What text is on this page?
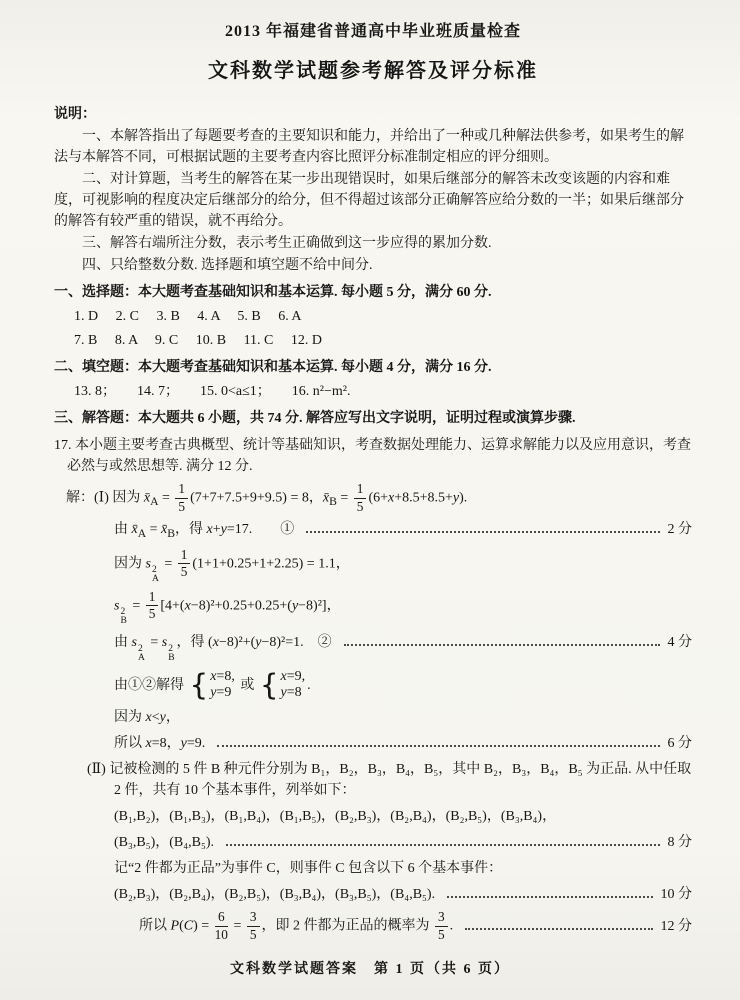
2013 年福建省普通高中毕业班质量检查
文科数学试题参考解答及评分标准
说明：
一、本解答指出了每题要考查的主要知识和能力，并给出了一种或几种解法供参考，如果考生的解法与本解答不同，可根据试题的主要考查内容比照评分标准制定相应的评分细则。
二、对计算题，当考生的解答在某一步出现错误时，如果后继部分的解答未改变该题的内容和难度，可视影响的程度决定后继部分的给分，但不得超过该部分正确解答应给分数的一半；如果后继部分的解答有较严重的错误，就不再给分。
三、解答右端所注分数，表示考生正确做到这一步应得的累加分数.
四、只给整数分数. 选择题和填空题不给中间分.
一、选择题：本大题考查基础知识和基本运算. 每小题 5 分，满分 60 分.
1. D     2. C     3. B     4. A     5. B     6. A
7. B     8. A     9. C     10. B     11. C     12. D
二、填空题：本大题考查基础知识和基本运算. 每小题 4 分，满分 16 分.
13. 8；      14. 7；      15. 0<a≤1；      16. n²−m².
三、解答题：本大题共 6 小题，共 74 分. 解答应写出文字说明，证明过程或演算步骤.
17. 本小题主要考查古典概型、统计等基础知识，考查数据处理能力、运算求解能力以及应用意识，考查必然与或然思想等. 满分 12 分.
解：(Ⅰ) 因为 $x̄_A = \frac{1}{5} (7+7+7.5+9+9.5) = 8$，$x̄_B = \frac{1}{5} (6+x+8.5+8.5+y)$.
由 $x̄_A$ = $x̄_B$，得 x+y=17.　　①	2 分
因为 s 2
A
= $\frac{1}{5} (1+1+0.25+1+2.25) = 1.1$，
s 2
B
= $\frac{1}{5} [4+(x-8)^2+0.25+0.25+(y-8)^2]$，
由 s 2
A
= s 2
B
，得 (x−8)²+(y−8)²=1.　②	4 分
由①②解得 { x=8,
y=9
或 { x=9,
y=8
.
因为 x<y，
所以 x=8，y=9.	6 分
(Ⅱ) 记被检测的 5 件 B 种元件分别为 B₁，B₂，B₃，B₄，B₅，其中 B₂，B₃，B₄，B₅ 为正品. 从中任取 2 件，共有 10 个基本事件，列举如下：
(B₁,B₂)，(B₁,B₃)，(B₁,B₄)，(B₁,B₅)，(B₂,B₃)，(B₂,B₄)，(B₂,B₅)，(B₃,B₄)，
(B₃,B₅)，(B₄,B₅).	8 分
记“2 件都为正品”为事件 C，则事件 C 包含以下 6 个基本事件：
(B₂,B₃)，(B₂,B₄)，(B₂,B₅)，(B₃,B₄)，(B₃,B₅)，(B₄,B₅).	10 分
所以 $P(C) = \frac{6}{10} = \frac{3}{5}$ ，即 2 件都为正品的概率为 $\frac{3}{5}$ .	12 分
文科数学试题答案　第 1 页（共 6 页）
